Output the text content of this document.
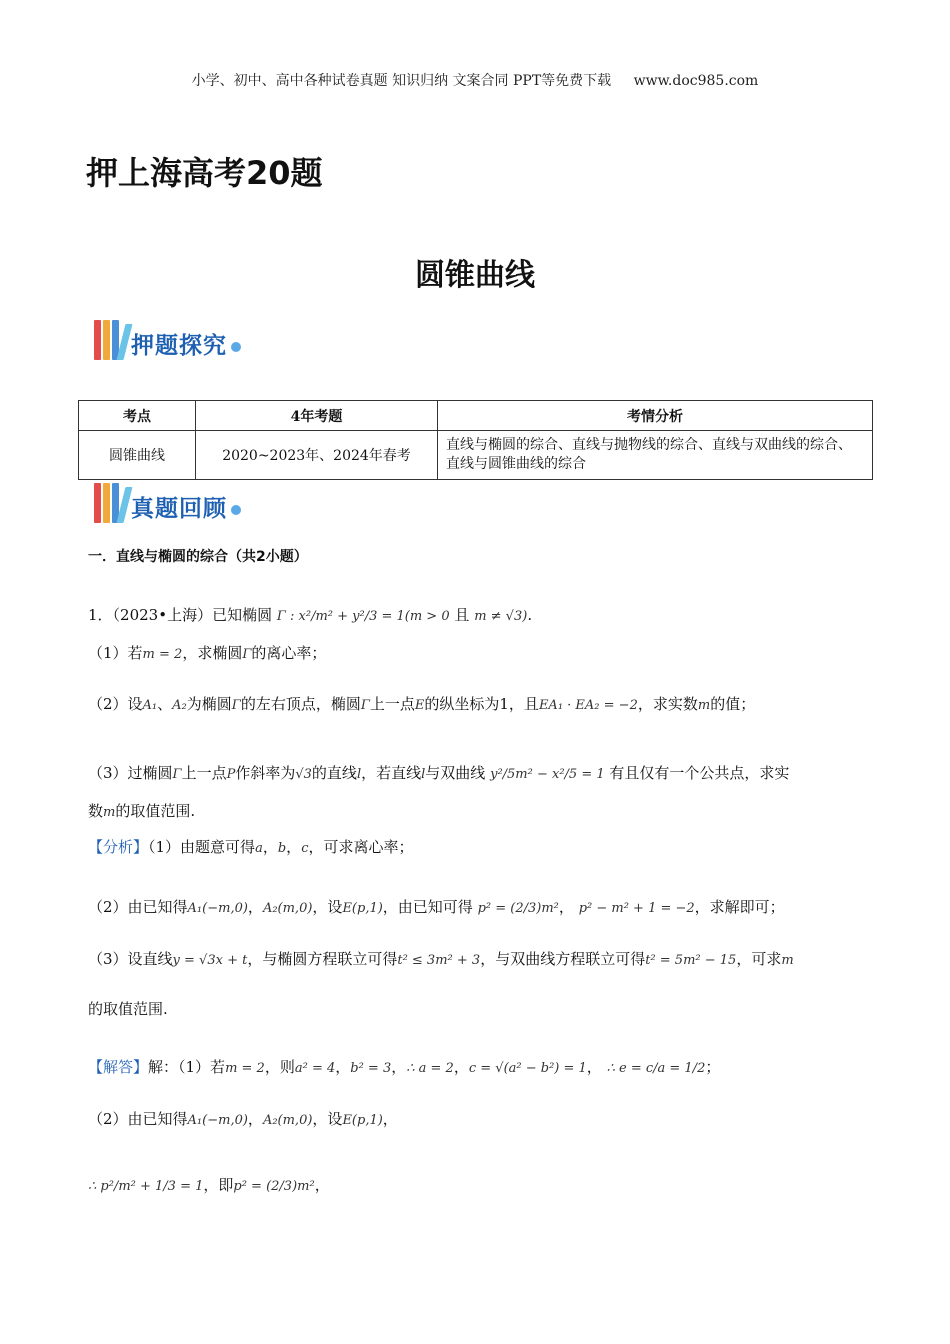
小学、初中、高中各种试卷真题 知识归纳 文案合同 PPT等免费下载 www.doc985.com
押上海高考20题
圆锥曲线
押题探究
考点	4年考题	考情分析
圆锥曲线	2020~2023年、2024年春考	直线与椭圆的综合、直线与抛物线的综合、直线与双曲线的综合、直线与圆锥曲线的综合
真题回顾
一．直线与椭圆的综合（共2小题）
1．（2023•上海）已知椭圆 Γ : x²/m² + y²/3 = 1(m > 0 且 m ≠ √3).
（1）若m = 2，求椭圆Γ的离心率；
（2）设A₁、A₂为椭圆Γ的左右顶点，椭圆Γ上一点E的纵坐标为1，且EA₁ · EA₂ = −2，求实数m的值；
（3）过椭圆Γ上一点P作斜率为√3的直线l，若直线l与双曲线 y²/5m² − x²/5 = 1 有且仅有一个公共点，求实
数m的取值范围.
【分析】（1）由题意可得a，b，c，可求离心率；
（2）由已知得A₁(−m,0)，A₂(m,0)，设E(p,1)，由已知可得 p² = (2/3)m²， p² − m² + 1 = −2，求解即可；
（3）设直线y = √3x + t，与椭圆方程联立可得t² ≤ 3m² + 3，与双曲线方程联立可得t² = 5m² − 15，可求m
的取值范围.
【解答】解：（1）若m = 2，则a² = 4，b² = 3，∴ a = 2，c = √(a² − b²) = 1， ∴ e = c/a = 1/2；
（2）由已知得A₁(−m,0)，A₂(m,0)，设E(p,1)，
∴ p²/m² + 1/3 = 1，即p² = (2/3)m²，
